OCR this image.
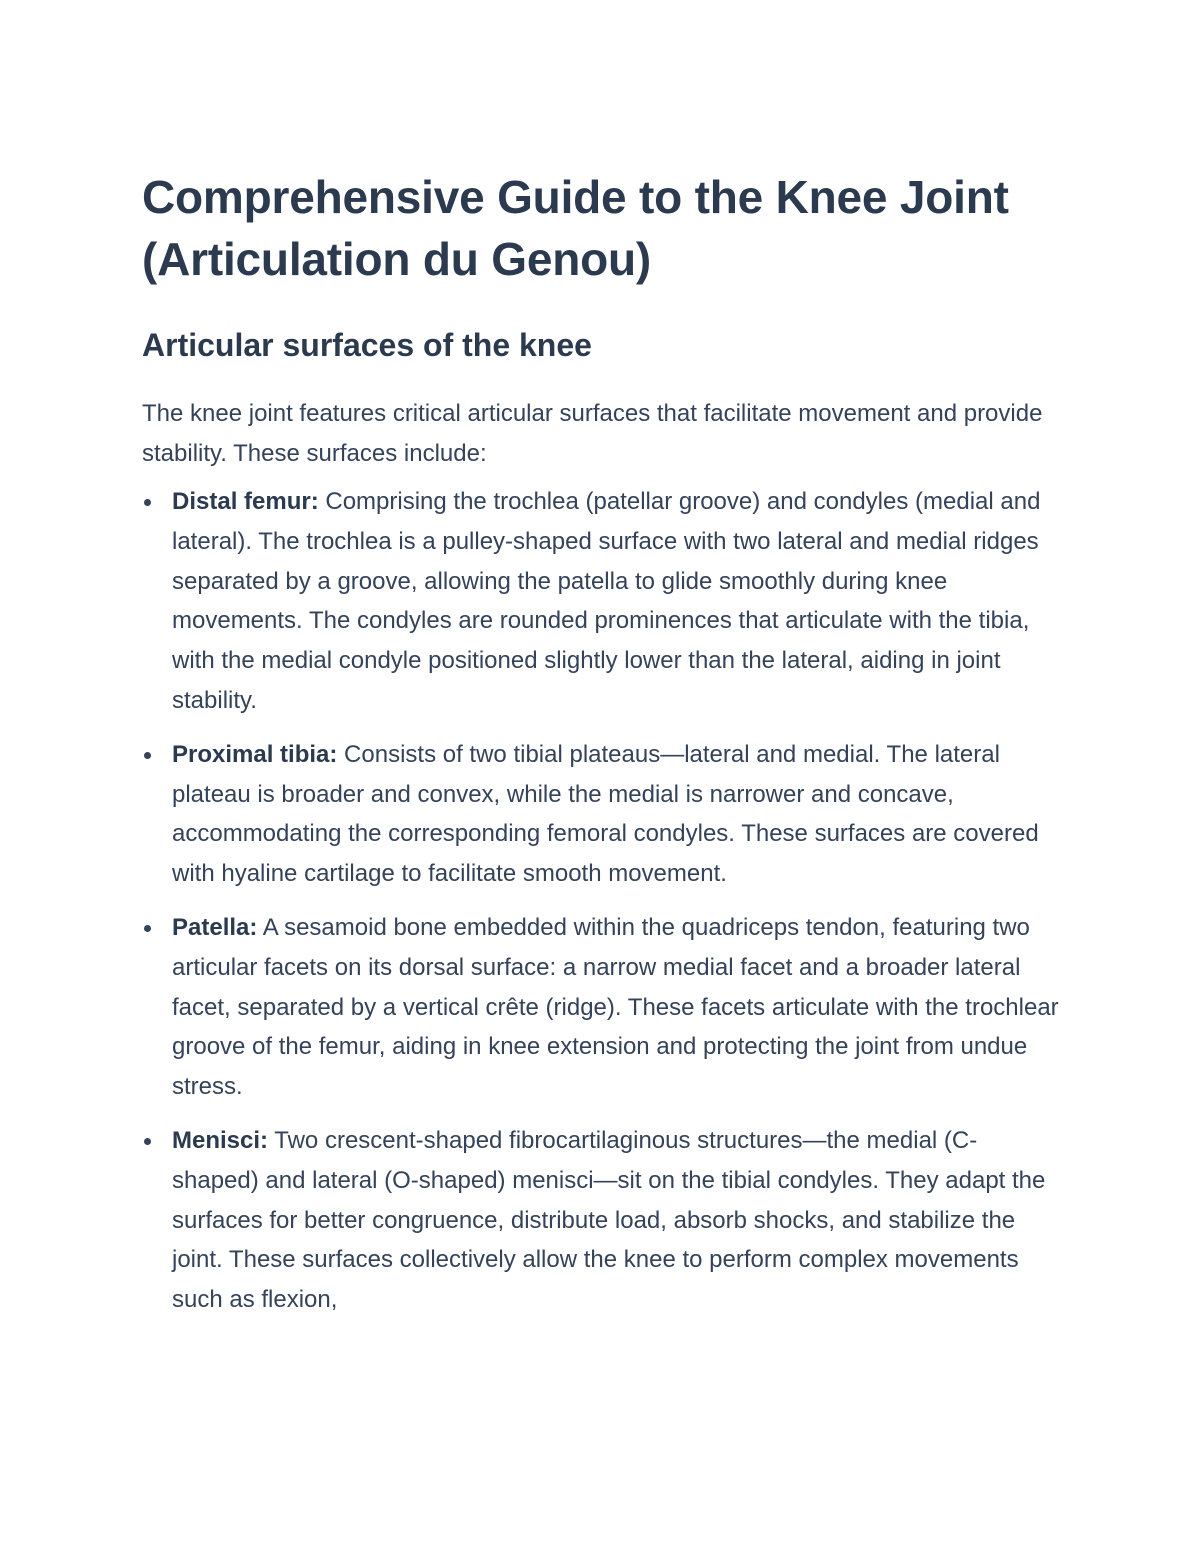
Comprehensive Guide to the Knee Joint (Articulation du Genou)
Articular surfaces of the knee

The knee joint features critical articular surfaces that facilitate movement and provide stability. These surfaces include:

Distal femur: Comprising the trochlea (patellar groove) and condyles (medial and lateral). The trochlea is a pulley-shaped surface with two lateral and medial ridges separated by a groove, allowing the patella to glide smoothly during knee movements. The condyles are rounded prominences that articulate with the tibia, with the medial condyle positioned slightly lower than the lateral, aiding in joint stability.
Proximal tibia: Consists of two tibial plateaus—lateral and medial. The lateral plateau is broader and convex, while the medial is narrower and concave, accommodating the corresponding femoral condyles. These surfaces are covered with hyaline cartilage to facilitate smooth movement.
Patella: A sesamoid bone embedded within the quadriceps tendon, featuring two articular facets on its dorsal surface: a narrow medial facet and a broader lateral facet, separated by a vertical crête (ridge). These facets articulate with the trochlear groove of the femur, aiding in knee extension and protecting the joint from undue stress.
Menisci: Two crescent-shaped fibrocartilaginous structures—the medial (C-shaped) and lateral (O-shaped) menisci—sit on the tibial condyles. They adapt the surfaces for better congruence, distribute load, absorb shocks, and stabilize the joint. These surfaces collectively allow the knee to perform complex movements such as flexion,
